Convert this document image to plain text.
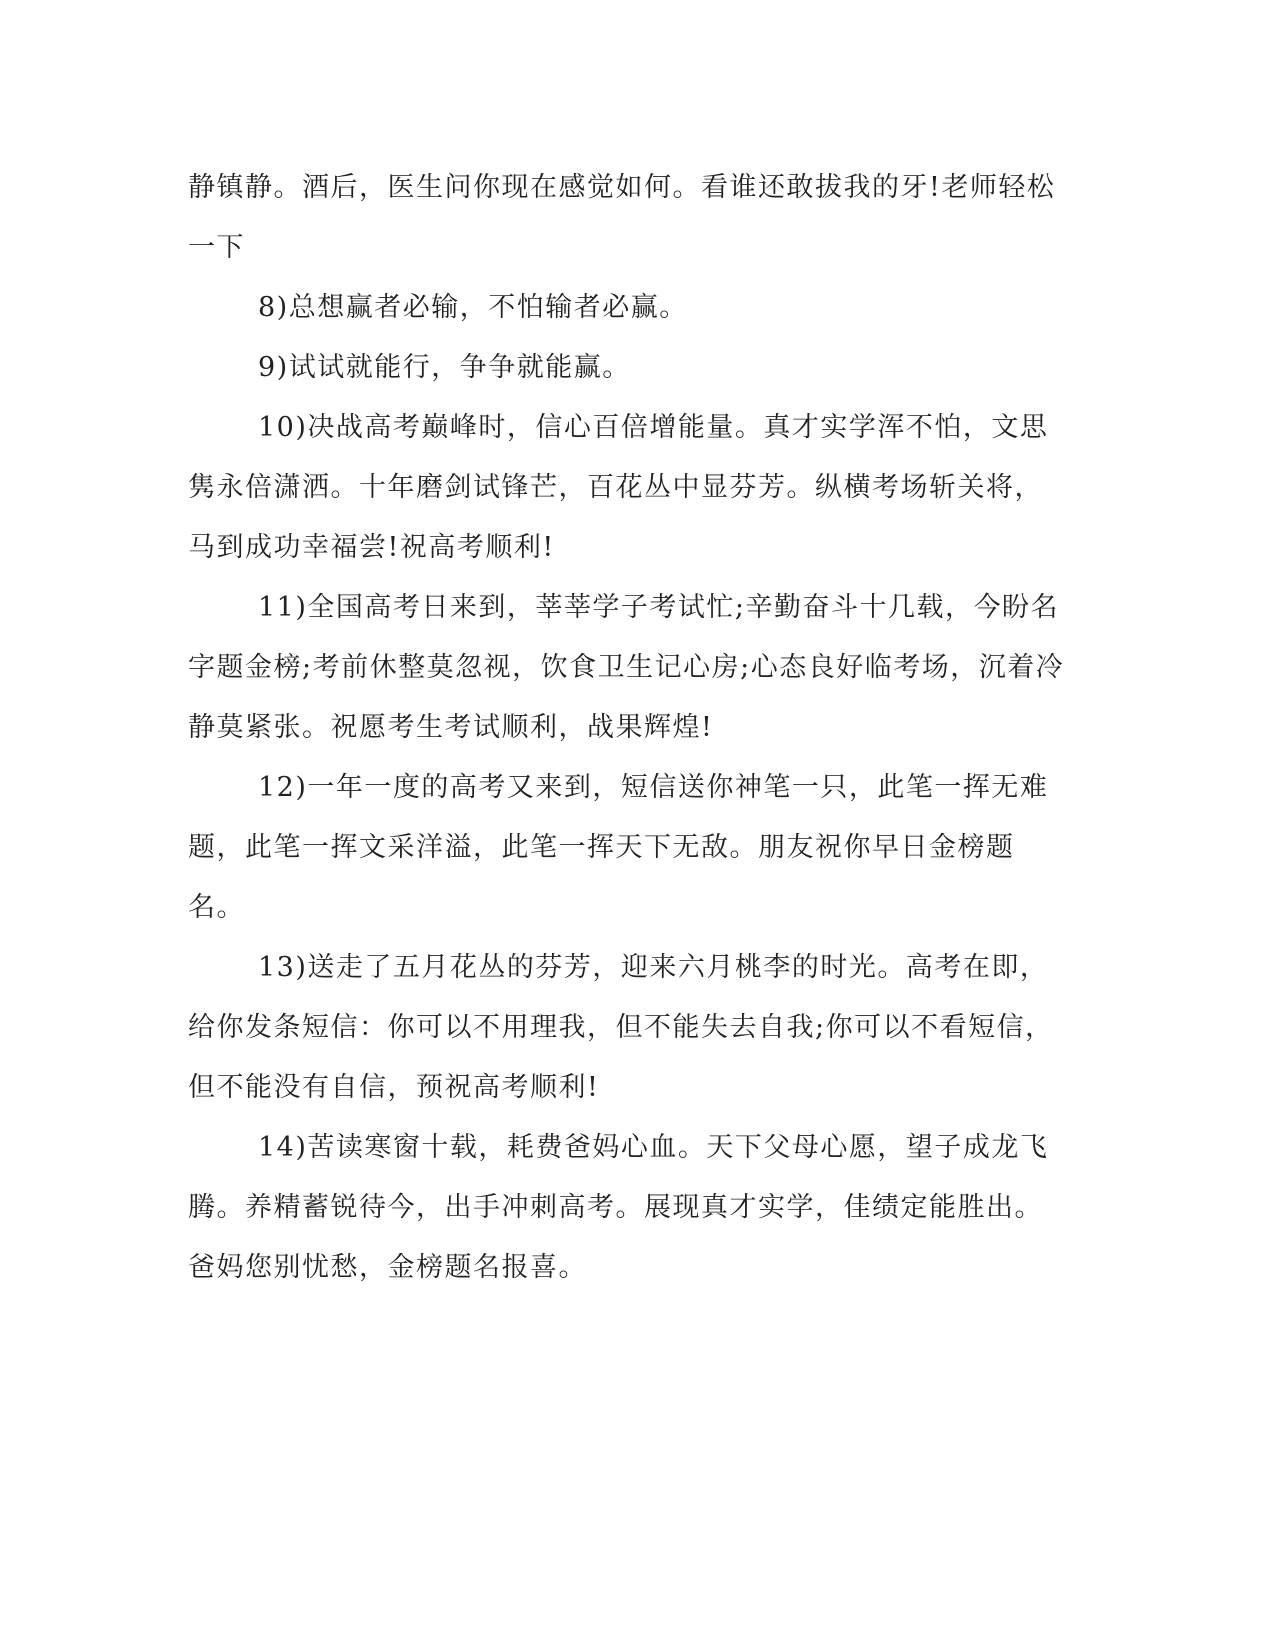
静镇静。酒后，医生问你现在感觉如何。看谁还敢拔我的牙!老师轻松一下

8)总想赢者必输，不怕输者必赢。

9)试试就能行，争争就能赢。

10)决战高考巅峰时，信心百倍增能量。真才实学浑不怕，文思隽永倍潇洒。十年磨剑试锋芒，百花丛中显芬芳。纵横考场斩关将，马到成功幸福尝!祝高考顺利!

11)全国高考日来到，莘莘学子考试忙;辛勤奋斗十几载，今盼名字题金榜;考前休整莫忽视，饮食卫生记心房;心态良好临考场，沉着冷静莫紧张。祝愿考生考试顺利，战果辉煌!

12)一年一度的高考又来到，短信送你神笔一只，此笔一挥无难题，此笔一挥文采洋溢，此笔一挥天下无敌。朋友祝你早日金榜题名。

13)送走了五月花丛的芬芳，迎来六月桃李的时光。高考在即，给你发条短信：你可以不用理我，但不能失去自我;你可以不看短信，但不能没有自信，预祝高考顺利!

14)苦读寒窗十载，耗费爸妈心血。天下父母心愿，望子成龙飞腾。养精蓄锐待今，出手冲刺高考。展现真才实学，佳绩定能胜出。爸妈您别忧愁，金榜题名报喜。
